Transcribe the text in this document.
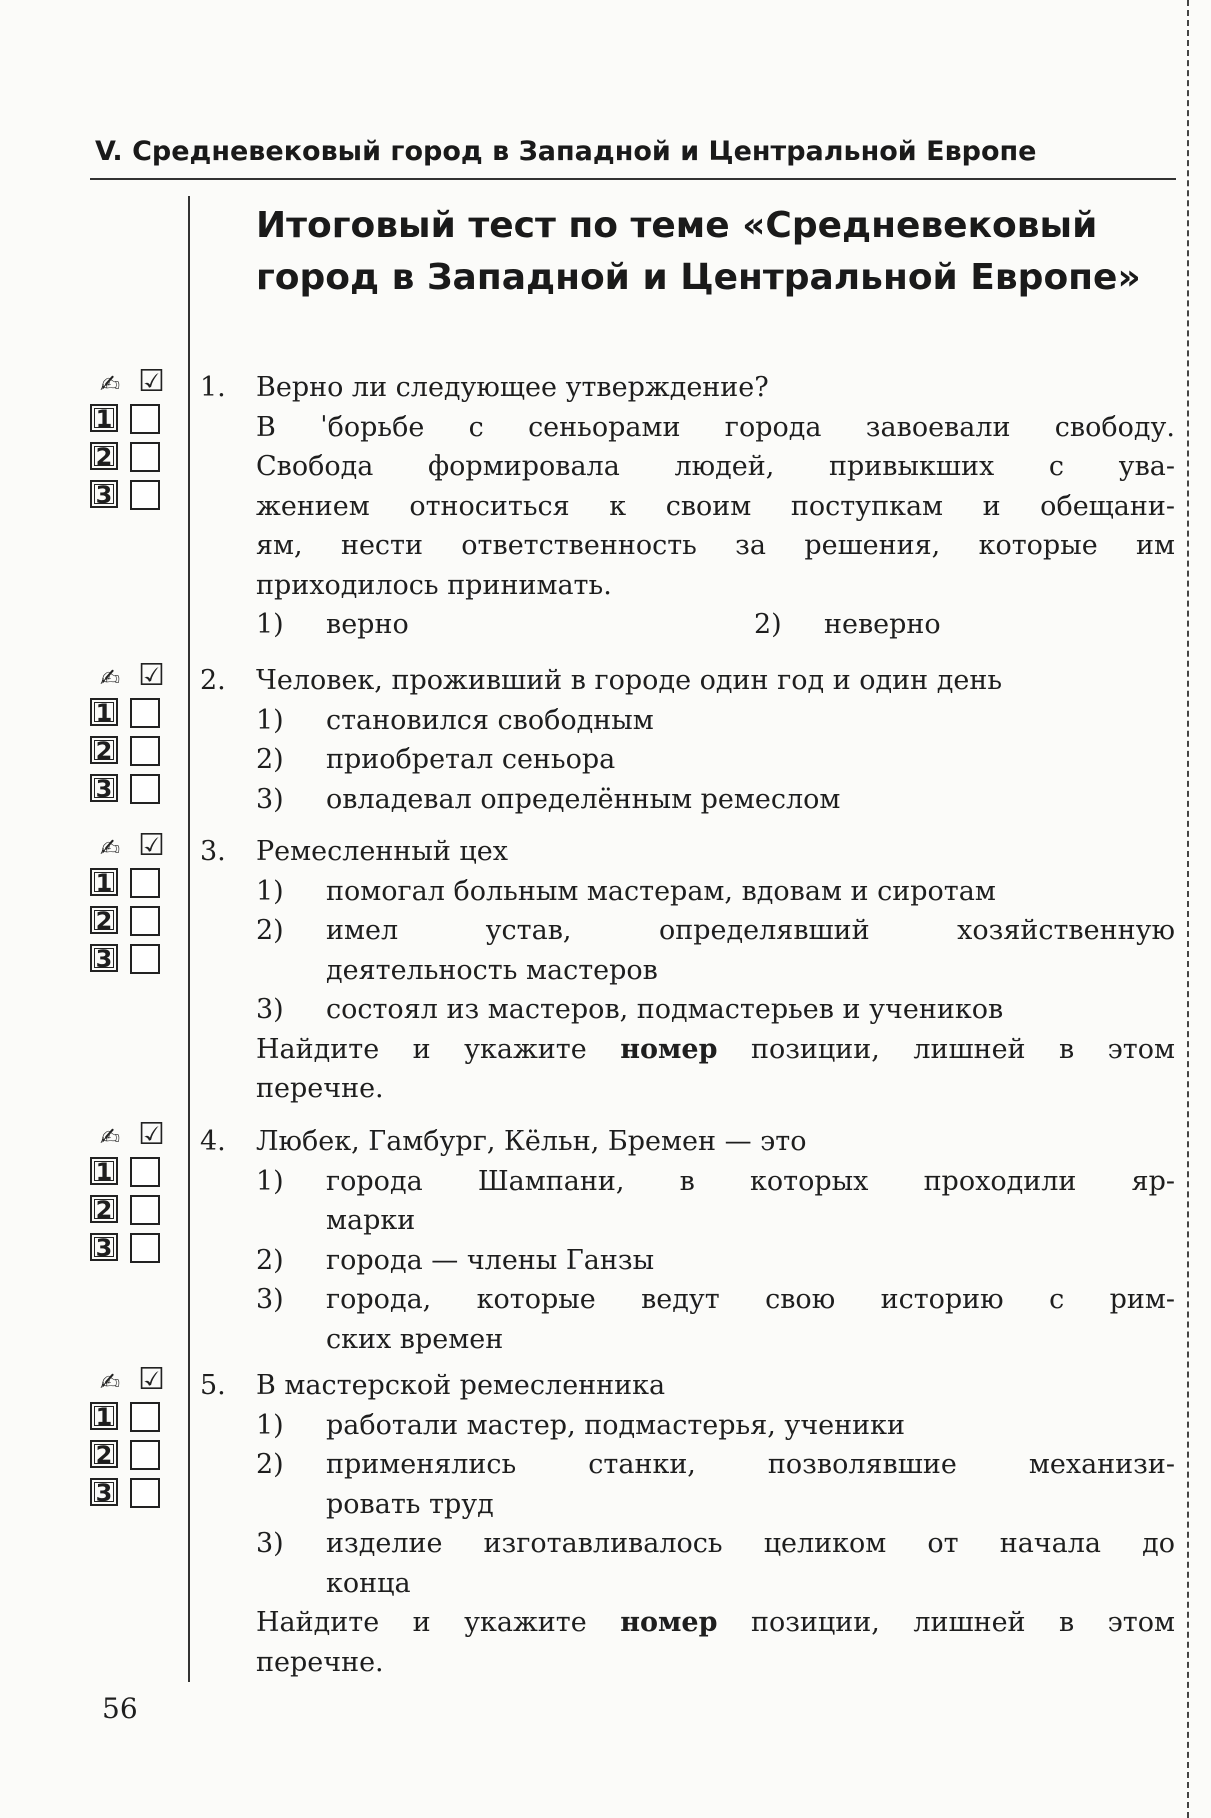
V. Средневековый город в Западной и Центральной Европе
Итоговый тест по теме «Средневековый
город в Западной и Центральной Европе»
✍ ☑
1
2
3
1. Верно ли следующее утверждение?
В ˈборьбе с сеньорами города завоевали свободу.
Свобода формировала людей, привыкших с ува-
жением относиться к своим поступкам и обещани-
ям, нести ответственность за решения, которые им
приходилось принимать.
1) верно	2) неверно
✍ ☑
1
2
3
2. Человек, проживший в городе один год и один день
1) становился свободным
2) приобретал сеньора
3) овладевал определённым ремеслом
✍ ☑
1
2
3
3. Ремесленный цех
1) помогал больным мастерам, вдовам и сиротам
2) имел устав, определявший хозяйственную
деятельность мастеров
3) состоял из мастеров, подмастерьев и учеников
Найдите и укажите номер позиции, лишней в этом
перечне.
✍ ☑
1
2
3
4. Любек, Гамбург, Кёльн, Бремен — это
1) города Шампани, в которых проходили яр-
марки
2) города — члены Ганзы
3) города, которые ведут свою историю с рим-
ских времен
✍ ☑
1
2
3
5. В мастерской ремесленника
1) работали мастер, подмастерья, ученики
2) применялись станки, позволявшие механизи-
ровать труд
3) изделие изготавливалось целиком от начала до
конца
Найдите и укажите номер позиции, лишней в этом
перечне.
56
